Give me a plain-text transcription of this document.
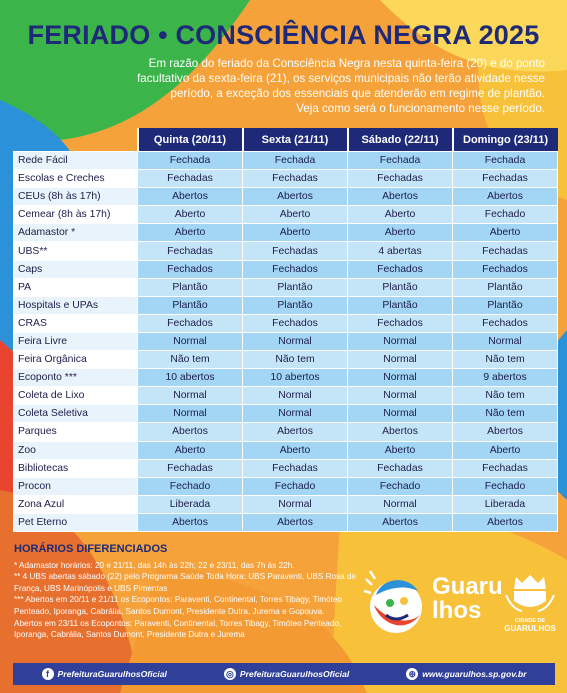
FERIADO • CONSCIÊNCIA NEGRA 2025
Em razão do feriado da Consciência Negra nesta quinta-feira (20) e do ponto
facultativo da sexta-feira (21), os serviços municipais não terão atividade nesse
período, a exceção dos essenciais que atenderão em regime de plantão.
Veja como será o funcionamento nesse período.
	Quinta (20/11)	Sexta (21/11)	Sábado (22/11)	Domingo (23/11)
Rede Fácil	Fechada	Fechada	Fechada	Fechada
Escolas e Creches	Fechadas	Fechadas	Fechadas	Fechadas
CEUs (8h às 17h)	Abertos	Abertos	Abertos	Abertos
Cemear (8h às 17h)	Aberto	Aberto	Aberto	Fechado
Adamastor *	Aberto	Aberto	Aberto	Aberto
UBS**	Fechadas	Fechadas	4 abertas	Fechadas
Caps	Fechados	Fechados	Fechados	Fechados
PA	Plantão	Plantão	Plantão	Plantão
Hospitals e UPAs	Plantão	Plantão	Plantão	Plantão
CRAS	Fechados	Fechados	Fechados	Fechados
Feira Livre	Normal	Normal	Normal	Normal
Feira Orgânica	Não tem	Não tem	Normal	Não tem
Ecoponto ***	10 abertos	10 abertos	Normal	9 abertos
Coleta de Lixo	Normal	Normal	Normal	Não tem
Coleta Seletiva	Normal	Normal	Normal	Não tem
Parques	Abertos	Abertos	Abertos	Abertos
Zoo	Aberto	Aberto	Aberto	Aberto
Bibliotecas	Fechadas	Fechadas	Fechadas	Fechadas
Procon	Fechado	Fechado	Fechado	Fechado
Zona Azul	Liberada	Normal	Normal	Liberada
Pet Eterno	Abertos	Abertos	Abertos	Abertos
HORÁRIOS DIFERENCIADOS
* Adamastor horários: 20 e 21/11, das 14h às 22h; 22 e 23/11, das 7h às 22h.
** 4 UBS abertas sábado (22) pelo Programa Saúde Toda Hora: UBS Paraventi, UBS Rosa de França, UBS Marinópolis e UBS Pimentas
*** Abertos em 20/11 e 21/11 os Ecopontos: Paraventi, Continental, Torres Tibagy, Timóteo Penteado, Iporanga, Cabrália, Santos Dumont, Presidente Dutra, Jurema e Gopouva.
Abertos em 23/11 os Ecopontos: Paraventi, Continental, Torres Tibagy, Timóteo Penteado, Iporanga, Cabrália, Santos Dumont, Presidente Dutra e Jurema
Guaru
lhos	CIDADE DE
GUARULHOS
f PrefeituraGuarulhosOficial	◎ PrefeituraGuarulhosOficial	⊕ www.guarulhos.sp.gov.br
